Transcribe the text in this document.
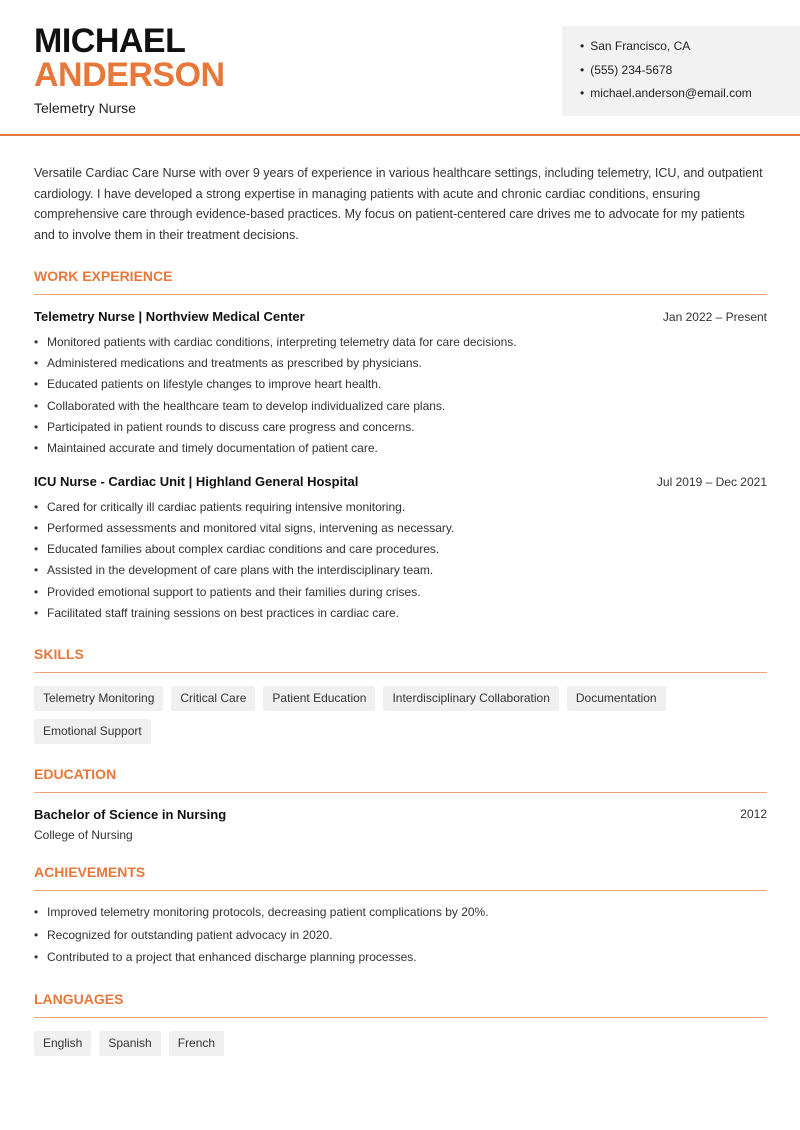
MICHAEL
ANDERSON
Telemetry Nurse
• San Francisco, CA
• (555) 234-5678
• michael.anderson@email.com

Versatile Cardiac Care Nurse with over 9 years of experience in various healthcare settings, including telemetry, ICU, and outpatient cardiology. I have developed a strong expertise in managing patients with acute and chronic cardiac conditions, ensuring comprehensive care through evidence-based practices. My focus on patient-centered care drives me to advocate for my patients and to involve them in their treatment decisions.

WORK EXPERIENCE
Telemetry Nurse | Northview Medical Center	Jan 2022 – Present
• Monitored patients with cardiac conditions, interpreting telemetry data for care decisions.
• Administered medications and treatments as prescribed by physicians.
• Educated patients on lifestyle changes to improve heart health.
• Collaborated with the healthcare team to develop individualized care plans.
• Participated in patient rounds to discuss care progress and concerns.
• Maintained accurate and timely documentation of patient care.
ICU Nurse - Cardiac Unit | Highland General Hospital	Jul 2019 – Dec 2021
• Cared for critically ill cardiac patients requiring intensive monitoring.
• Performed assessments and monitored vital signs, intervening as necessary.
• Educated families about complex cardiac conditions and care procedures.
• Assisted in the development of care plans with the interdisciplinary team.
• Provided emotional support to patients and their families during crises.
• Facilitated staff training sessions on best practices in cardiac care.
SKILLS
Telemetry Monitoring	Critical Care	Patient Education	Interdisciplinary Collaboration	Documentation
Emotional Support
EDUCATION
Bachelor of Science in Nursing	2012
College of Nursing
ACHIEVEMENTS
• Improved telemetry monitoring protocols, decreasing patient complications by 20%.
• Recognized for outstanding patient advocacy in 2020.
• Contributed to a project that enhanced discharge planning processes.
LANGUAGES
English	Spanish	French
